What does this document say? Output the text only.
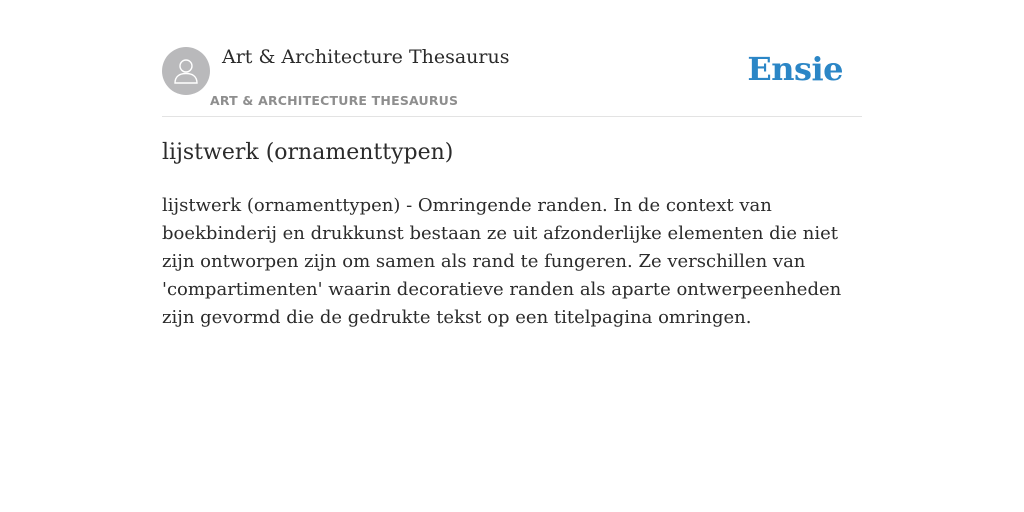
Art & Architecture Thesaurus
ART & ARCHITECTURE THESAURUS
Ensie
lijstwerk (ornamenttypen)

lijstwerk (ornamenttypen) - Omringende randen. In de context van boekbinderij en drukkunst bestaan ze uit afzonderlijke elementen die niet zijn ontworpen zijn om samen als rand te fungeren. Ze verschillen van 'compartimenten' waarin decoratieve randen als aparte ontwerpeenheden zijn gevormd die de gedrukte tekst op een titelpagina omringen.
